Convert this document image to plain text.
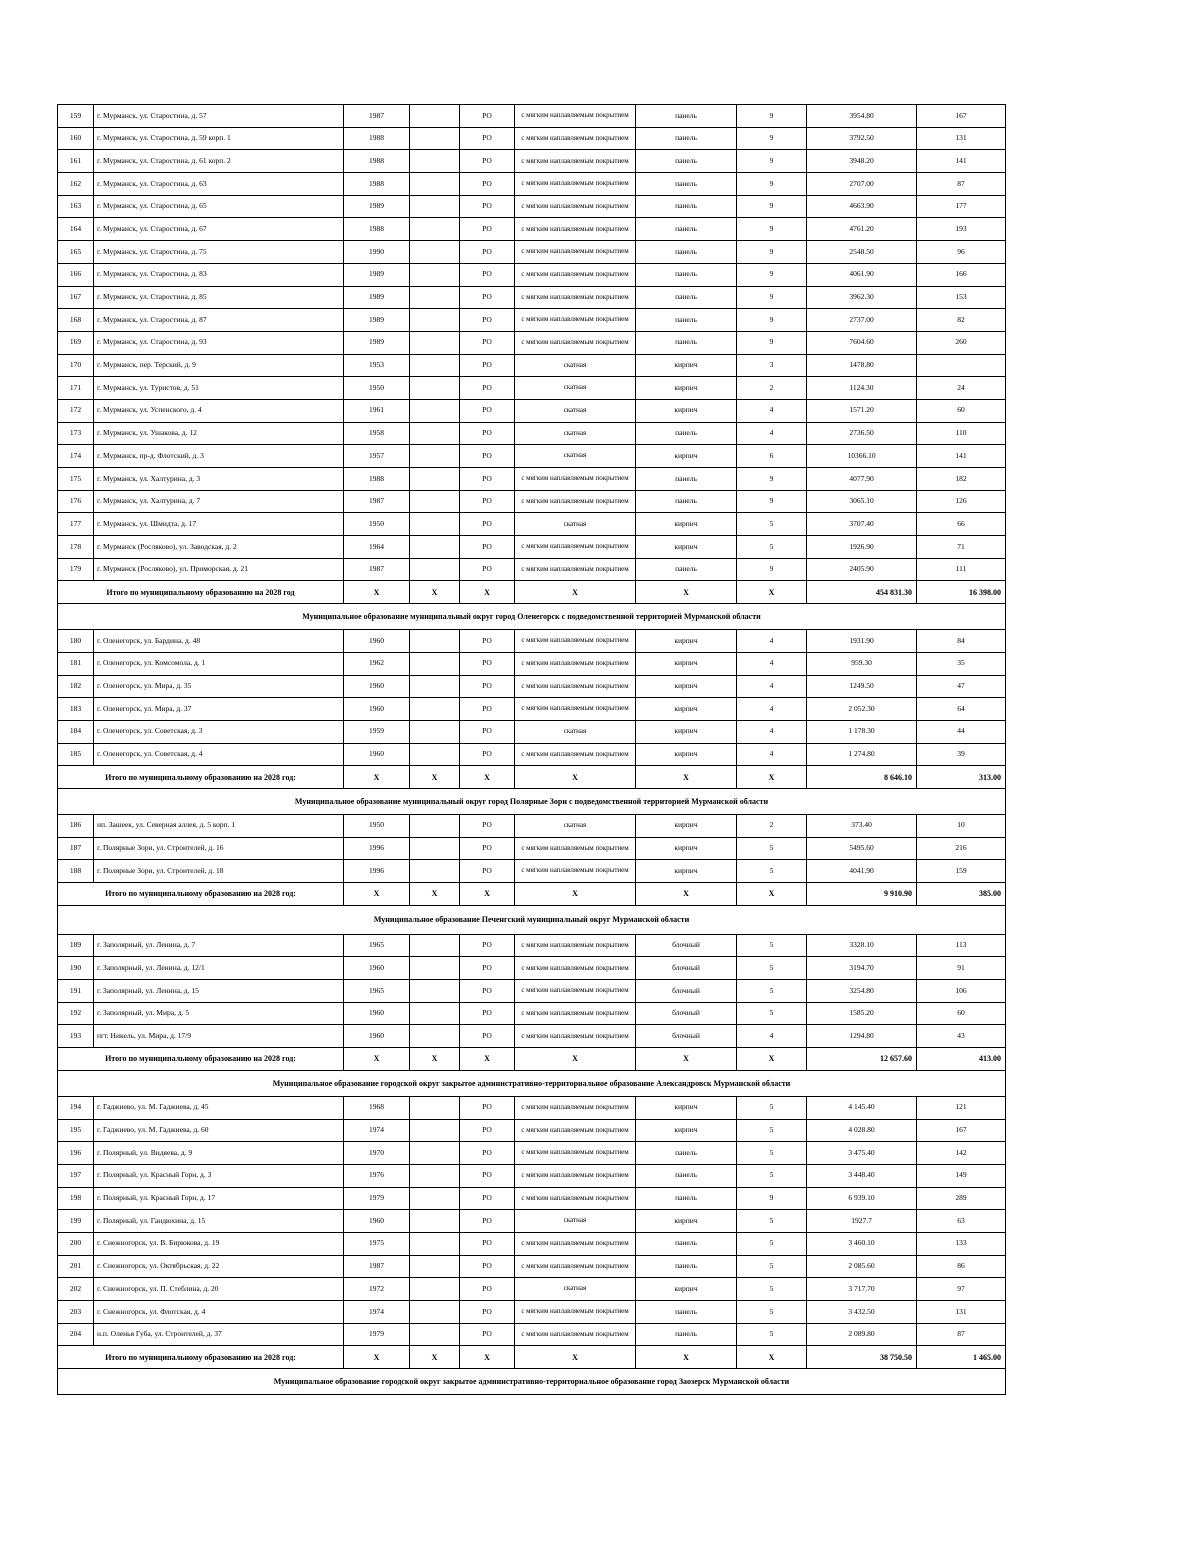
159	г. Мурманск, ул. Старостина, д. 57	1987		РО	с мягким наплавляемым покрытием	панель	9	3954.80	167
160	г. Мурманск, ул. Старостина, д. 59 корп. 1	1988		РО	с мягким наплавляемым покрытием	панель	9	3792.50	131
161	г. Мурманск, ул. Старостина, д. 61 корп. 2	1988		РО	с мягким наплавляемым покрытием	панель	9	3948.20	141
162	г. Мурманск, ул. Старостина, д. 63	1988		РО	с мягким наплавляемым покрытием	панель	9	2707.00	87
163	г. Мурманск, ул. Старостина, д. 65	1989		РО	с мягким наплавляемым покрытием	панель	9	4663.90	177
164	г. Мурманск, ул. Старостина, д. 67	1988		РО	с мягким наплавляемым покрытием	панель	9	4761.20	193
165	г. Мурманск, ул. Старостина, д. 75	1990		РО	с мягким наплавляемым покрытием	панель	9	2548.50	96
166	г. Мурманск, ул. Старостина, д. 83	1989		РО	с мягким наплавляемым покрытием	панель	9	4061.90	166
167	г. Мурманск, ул. Старостина, д. 85	1989		РО	с мягким наплавляемым покрытием	панель	9	3962.30	153
168	г. Мурманск, ул. Старостина, д. 87	1989		РО	с мягким наплавляемым покрытием	панель	9	2737.00	82
169	г. Мурманск, ул. Старостина, д. 93	1989		РО	с мягким наплавляемым покрытием	панель	9	7604.60	260
170	г. Мурманск, пер. Терский, д. 9	1953		РО	скатная	кирпич	3	1478.80	
171	г. Мурманск, ул. Туристов, д. 51	1950		РО	скатная	кирпич	2	1124.30	24
172	г. Мурманск, ул. Успенского, д. 4	1961		РО	скатная	кирпич	4	1571.20	60
173	г. Мурманск, ул. Ушакова, д. 12	1958		РО	скатная	панель	4	2736.50	110
174	г. Мурманск, пр-д. Флотский, д. 3	1957		РО	скатная	кирпич	6	10366.10	141
175	г. Мурманск, ул. Халтурина, д. 3	1988		РО	с мягким наплавляемым покрытием	панель	9	4077.90	182
176	г. Мурманск, ул. Халтурина, д. 7	1987		РО	с мягким наплавляемым покрытием	панель	9	3065.10	126
177	г. Мурманск, ул. Шмидта, д. 17	1950		РО	скатная	кирпич	5	3707.40	66
178	г. Мурманск (Росляково), ул. Заводская, д. 2	1964		РО	с мягким наплавляемым покрытием	кирпич	5	1926.90	71
179	г. Мурманск (Росляково), ул. Приморская, д. 21	1987		РО	с мягким наплавляемым покрытием	панель	9	2405.90	111
Итого по муниципальному образованию на 2028 год		X	X	X	X	X	X	454 831.30	16 398.00
Муниципальное образование муниципальный округ город Оленегорск с подведомственной территорией Мурманской области									
180	г. Оленегорск, ул. Бардина, д. 48	1960		РО	с мягким наплавляемым покрытием	кирпич	4	1931.90	84
181	г. Оленегорск, ул. Комсомола, д. 1	1962		РО	с мягким наплавляемым покрытием	кирпич	4	959.30	35
182	г. Оленегорск, ул. Мира, д. 35	1960		РО	с мягким наплавляемым покрытием	кирпич	4	1249.50	47
183	г. Оленегорск, ул. Мира, д. 37	1960		РО	с мягким наплавляемым покрытием	кирпич	4	2 052.30	64
184	г. Оленегорск, ул. Советская, д. 3	1959		РО	скатная	кирпич	4	1 178.30	44
185	г. Оленегорск, ул. Советская, д. 4	1960		РО	с мягким наплавляемым покрытием	кирпич	4	1 274.80	39
Итого по муниципальному образованию на 2028 год:		X	X	X	X	X	X	8 646.10	313.00
Муниципальное образование муниципальный округ город Полярные Зори с подведомственной территорией Мурманской области									
186	нп. Зашеек, ул. Северная аллея, д. 5 корп. 1	1950		РО	скатная	кирпич	2	373.40	10
187	г. Полярные Зори, ул. Строителей, д. 16	1996		РО	с мягким наплавляемым покрытием	кирпич	5	5495.60	216
188	г. Полярные Зори, ул. Строителей, д. 18	1996		РО	с мягким наплавляемым покрытием	кирпич	5	4041.90	159
Итого по муниципальному образованию на 2028 год:		X	X	X	X	X	X	9 910.90	385.00
Муниципальное образование Печенгский муниципальный округ Мурманской области									
189	г. Заполярный, ул. Ленина, д. 7	1965		РО	с мягким наплавляемым покрытием	блочный	5	3328.10	113
190	г. Заполярный, ул. Ленина, д. 12/1	1960		РО	с мягким наплавляемым покрытием	блочный	5	3194.70	91
191	г. Заполярный, ул. Ленина, д. 15	1965		РО	с мягким наплавляемым покрытием	блочный	5	3254.80	106
192	г. Заполярный, ул. Мира, д. 5	1960		РО	с мягким наплавляемым покрытием	блочный	5	1585.20	60
193	пгт. Никель, ул. Мира, д. 17/9	1960		РО	с мягким наплавляемым покрытием	блочный	4	1294.80	43
Итого по муниципальному образованию на 2028 год:		X	X	X	X	X	X	12 657.60	413.00
Муниципальное образование городской округ закрытое административно-территориальное образование Александровск Мурманской области									
194	г. Гаджиево, ул. М. Гаджиева, д. 45	1968		РО	с мягким наплавляемым покрытием	кирпич	5	4 145.40	121
195	г. Гаджиево, ул. М. Гаджиева, д. 60	1974		РО	с мягким наплавляемым покрытием	кирпич	5	4 028.80	167
196	г. Полярный, ул. Видяева, д. 9	1970		РО	с мягким наплавляемым покрытием	панель	5	3 475.40	142
197	г. Полярный, ул. Красный Горн, д. 3	1976		РО	с мягким наплавляемым покрытием	панель	5	3 448.40	149
198	г. Полярный, ул. Красный Горн, д. 17	1979		РО	с мягким наплавляемым покрытием	панель	9	6 939.10	289
199	г. Полярный, ул. Гандюхина, д. 15	1960		РО	скатная	кирпич	5	1927.7	63
200	г. Снежногорск, ул. В. Бирюкова, д. 19	1975		РО	с мягким наплавляемым покрытием	панель	5	3 460.10	133
201	г. Снежногорск, ул. Октябрьская, д. 22	1987		РО	с мягким наплавляемым покрытием	панель	5	2 085.60	86
202	г. Снежногорск, ул. П. Стеблина, д. 20	1972		РО	скатная	кирпич	5	3 717.70	97
203	г. Снежногорск, ул. Флотская, д. 4	1974		РО	с мягким наплавляемым покрытием	панель	5	3 432.50	131
204	н.п. Оленья Губа, ул. Строителей, д. 37	1979		РО	с мягким наплавляемым покрытием	панель	5	2 089.80	87
Итого по муниципальному образованию на 2028 год:		X	X	X	X	X	X	38 750.50	1 465.00
Муниципальное образование городской округ закрытое административно-территориальное образование город Заозерск Мурманской области									
